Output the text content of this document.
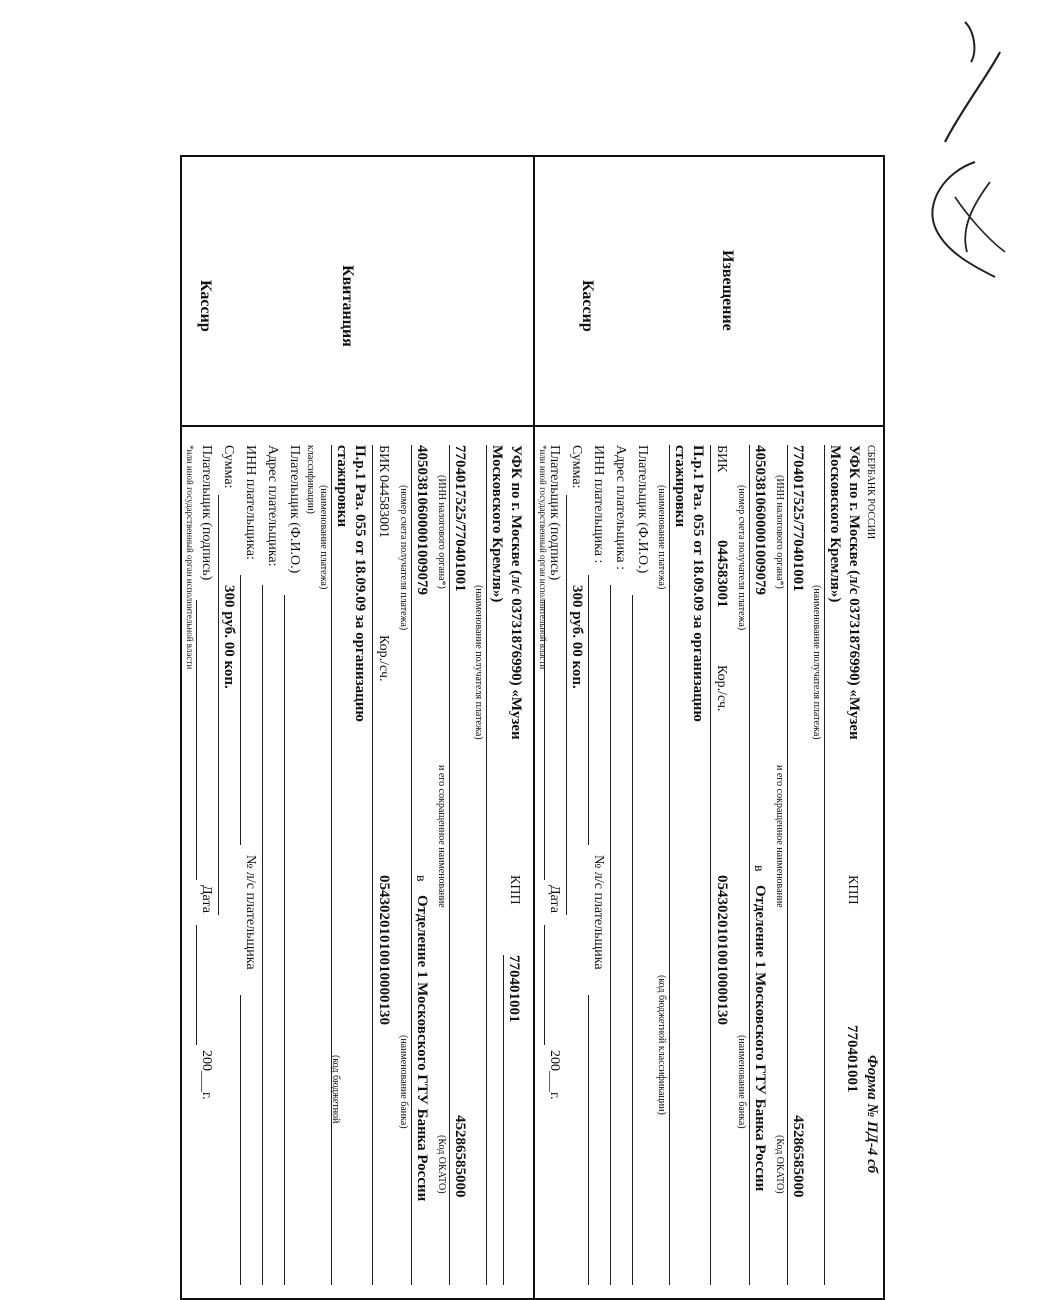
Извещение
Кассир
Квитанция
Кассир
СБЕРБАНК РОССИИ
Форма № ПД-4 сб
УФК по г. Москве (л/с 03731876990) «Музеи
КПП
770401001
Московского Кремля»)
(наименование получателя платежа)
7704017525/770401001
45286585000
(ИНН налогового органа*)
и его сокращенное наименование
(Код ОКАТО)
40503810600001009079
в
Отделение 1 Московского ГТУ Банка России
(номер счета получателя платежа)
(наименование банка)
БИК
044583001
Кор./сч.
05430201010010000130
П.р.1 Раз. 055 от 18.09.09 за организацию
стажировки
(наименование платежа)
(код бюджетной классификации)
Плательщик (Ф.И.О.)
Адрес плательщика :
ИНН плательщика :
№ л/с плательщика
Сумма:
300 руб. 00 коп.
Плательщик (подпись)
Дата
200___г.
*или иной государственный орган исполнительной власти
УФК по г. Москве (л/с 03731876990) «Музеи
КПП
770401001
Московского Кремля»)
(наименование получателя платежа)
7704017525/770401001
45286585000
(ИНН налогового органа*)
и его сокращенное наименование
(Код ОКАТО)
40503810600001009079
в
Отделение 1 Московского ГТУ Банка России
(номер счета получателя платежа)
(наименование банка)
БИК
044583001
Кор./сч.
05430201010010000130
П.р.1 Раз. 055 от 18.09.09 за организацию
стажировки
(наименование платежа)
(код бюджетной
классификации)
Плательщик (Ф.И.О.)
Адрес плательщика:
ИНН плательщика:
№ л/с плательщика
Сумма:
300 руб. 00 коп.
Плательщик (подпись)
Дата
200___г.
*или иной государственный орган исполнительной власти
